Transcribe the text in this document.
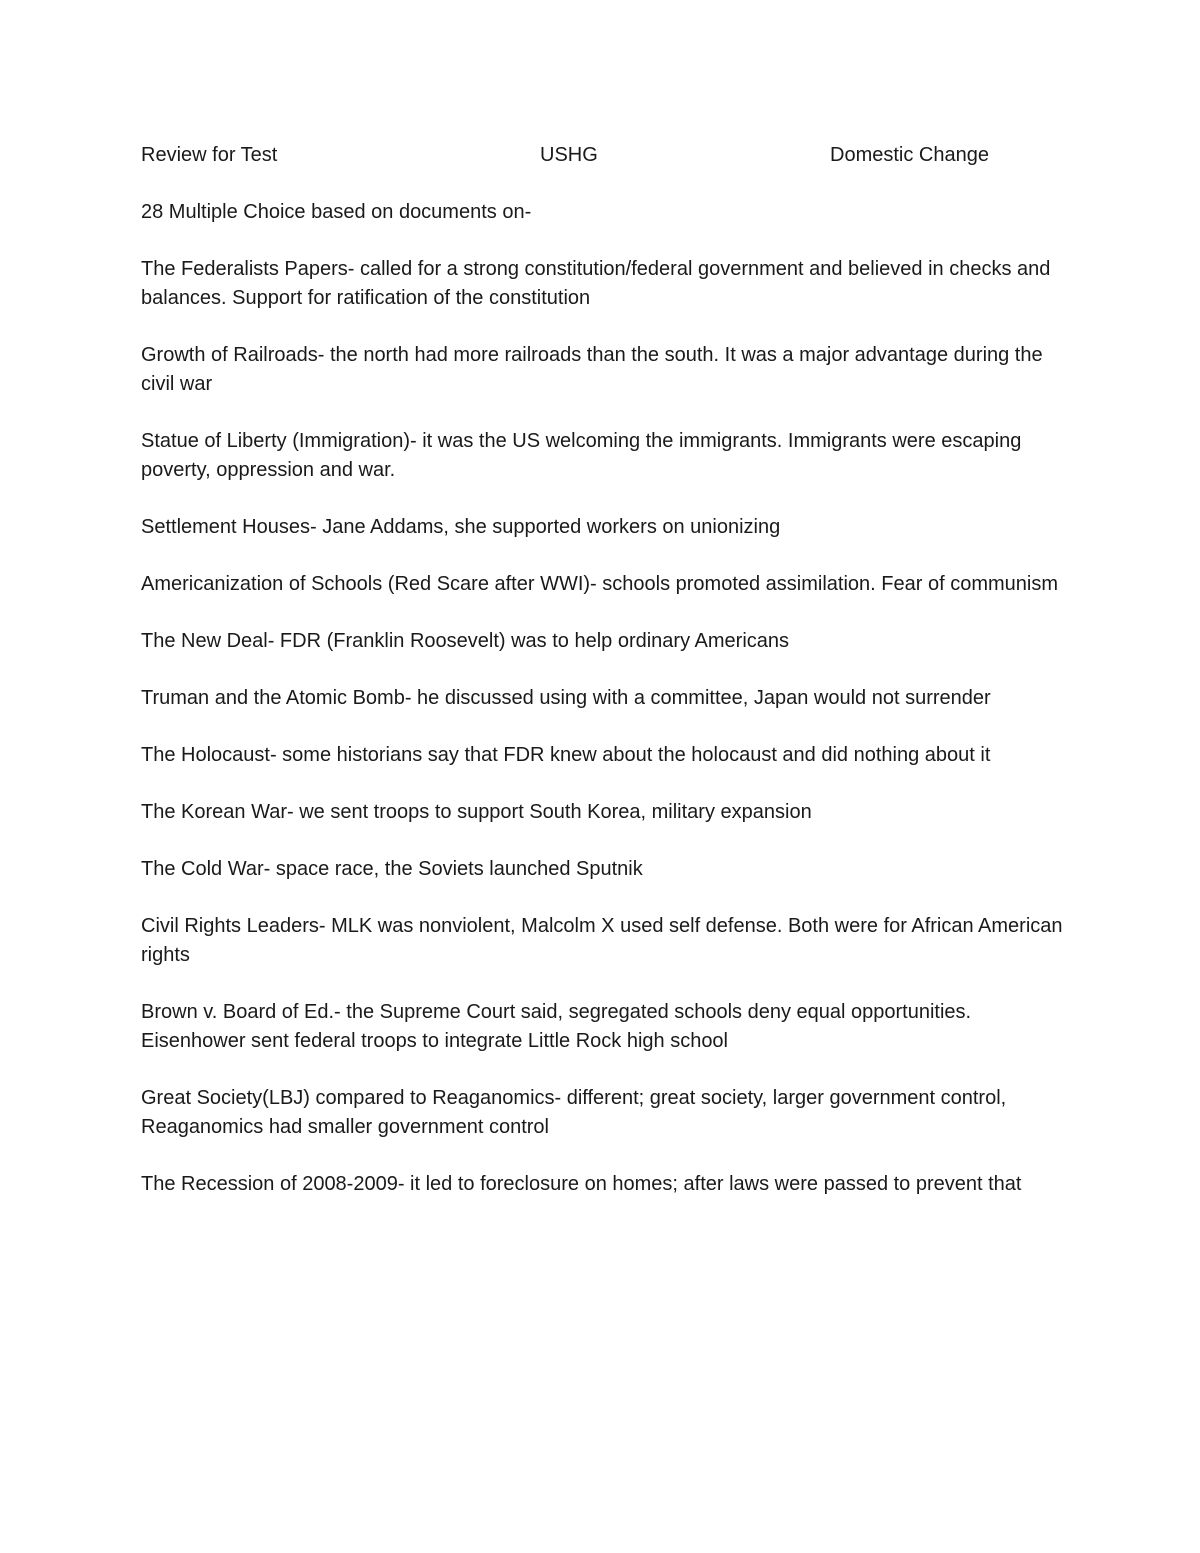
Review for Test	USHG	Domestic Change

28 Multiple Choice based on documents on-

The Federalists Papers- called for a strong constitution/federal government and believed in checks and balances. Support for ratification of the constitution

Growth of Railroads- the north had more railroads than the south. It was a major advantage during the civil war

Statue of Liberty (Immigration)- it was the US welcoming the immigrants. Immigrants were escaping poverty, oppression and war.

Settlement Houses- Jane Addams, she supported workers on unionizing

Americanization of Schools (Red Scare after WWI)- schools promoted assimilation. Fear of communism

The New Deal- FDR (Franklin Roosevelt) was to help ordinary Americans

Truman and the Atomic Bomb- he discussed using with a committee, Japan would not surrender

The Holocaust- some historians say that FDR knew about the holocaust and did nothing about it

The Korean War- we sent troops to support South Korea, military expansion

The Cold War- space race, the Soviets launched Sputnik

Civil Rights Leaders- MLK was nonviolent, Malcolm X used self defense. Both were for African American rights

Brown v. Board of Ed.- the Supreme Court said, segregated schools deny equal opportunities. Eisenhower sent federal troops to integrate Little Rock high school

Great Society(LBJ) compared to Reaganomics- different; great society, larger government control, Reaganomics had smaller government control

The Recession of 2008-2009- it led to foreclosure on homes; after laws were passed to prevent that
